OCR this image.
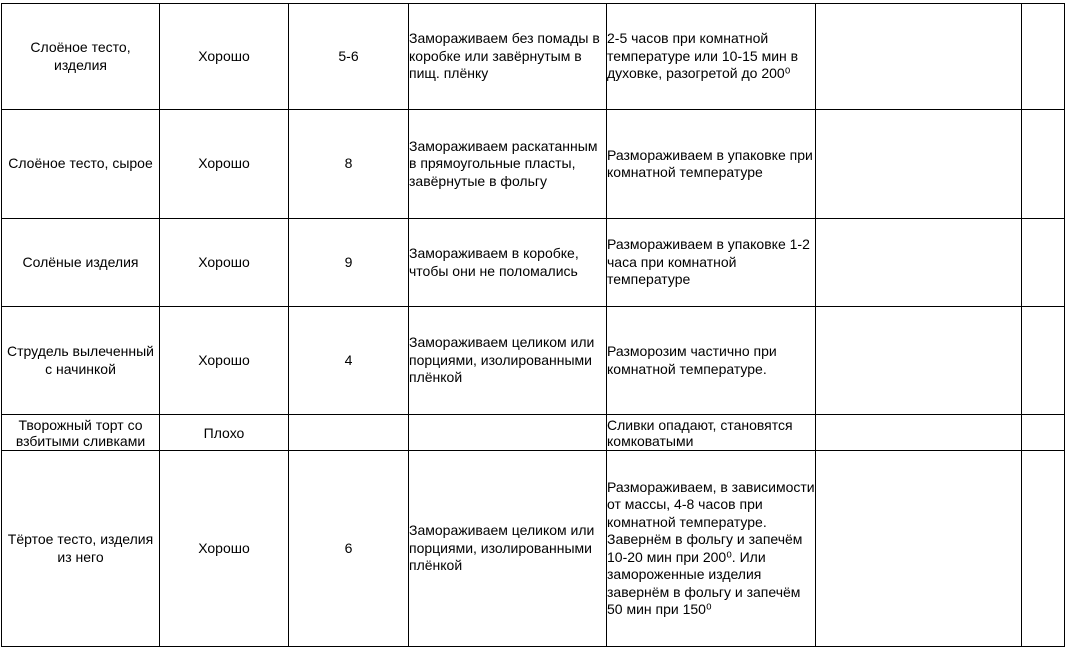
Слоёное тесто, изделия	Хорошо	5-6	Замораживаем без помады в коробке или завёрнутым в пищ. плёнку	2-5 часов при комнатной температуре или 10-15 мин в духовке, разогретой до 200⁰		
Слоёное тесто, сырое	Хорошо	8	Замораживаем раскатанным в прямоугольные пласты, завёрнутые в фольгу	Размораживаем в упаковке при комнатной температуре		
Солёные изделия	Хорошо	9	Замораживаем в коробке, чтобы они не поломались	Размораживаем в упаковке 1-2 часа при комнатной температуре		
Струдель вылеченный с начинкой	Хорошо	4	Замораживаем целиком или порциями, изолированными плёнкой	Разморозим частично при комнатной температуре.		
Творожный торт со взбитыми сливками	Плохо			Сливки опадают, становятся комковатыми		
Тёртое тесто, изделия из него	Хорошо	6	Замораживаем целиком или порциями, изолированными плёнкой	Размораживаем, в зависимости от массы, 4-8 часов при комнатной температуре. Завернём в фольгу и запечём 10-20 мин при 200⁰. Или замороженные изделия завернём в фольгу и запечём 50 мин при 150⁰		
